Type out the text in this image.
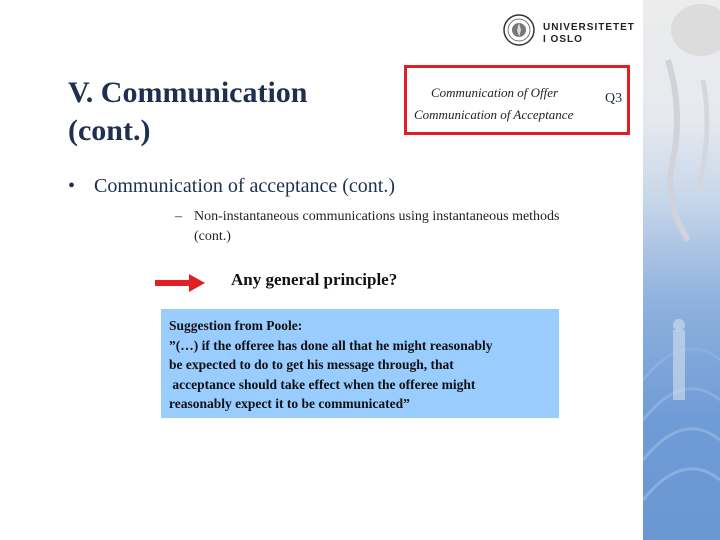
UNIVERSITETET
I OSLO
V. Communication
(cont.)
Communication of Offer
Communication of Acceptance
Q3
• Communication of acceptance (cont.)
– Non-instantaneous communications using instantaneous methods (cont.)
Any general principle?
Suggestion from Poole:
”(…) if the offeree has done all that he might reasonably
be expected to do to get his message through, that
acceptance should take effect when the offeree might
reasonably expect it to be communicated”
